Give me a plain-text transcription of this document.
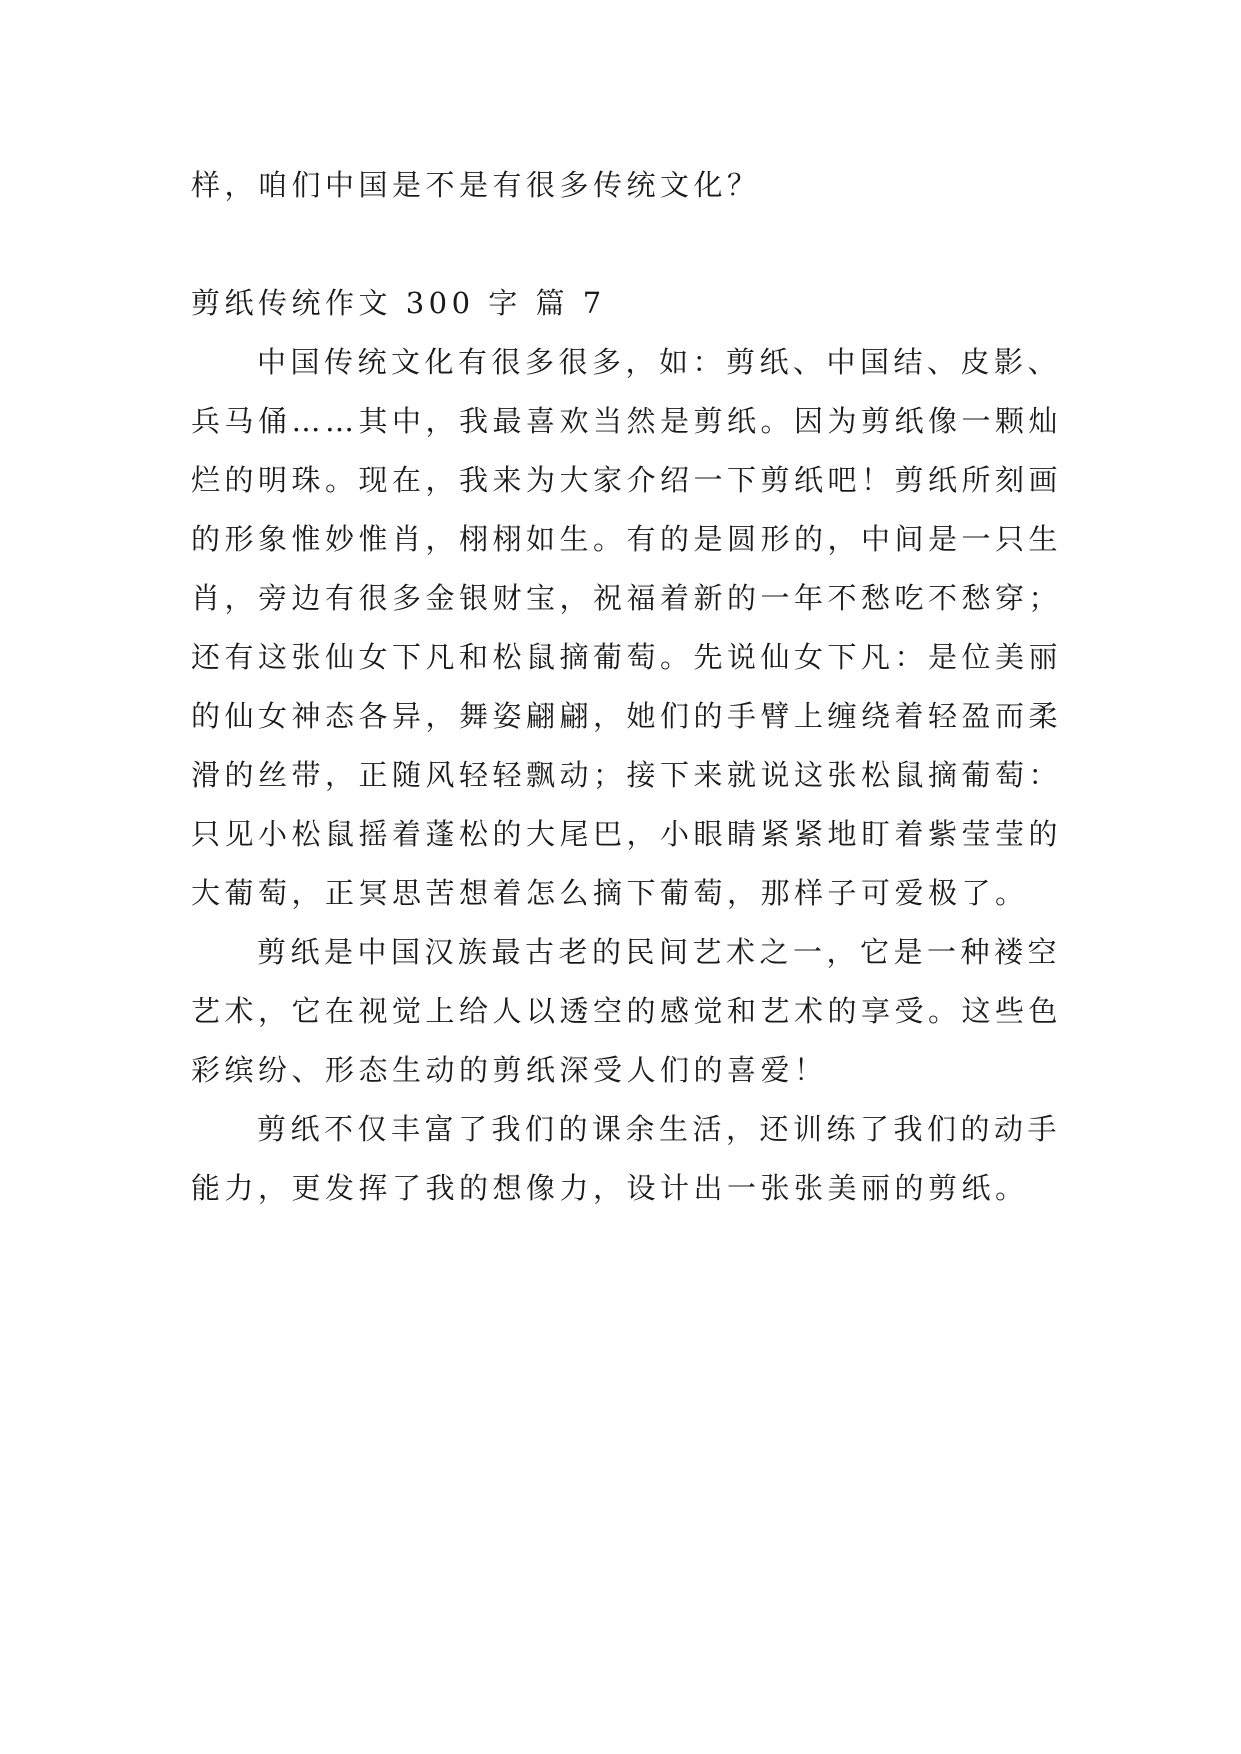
样，咱们中国是不是有很多传统文化？

剪纸传统作文 300 字 篇 7

中国传统文化有很多很多，如：剪纸、中国结、皮影、
兵马俑……其中，我最喜欢当然是剪纸。因为剪纸像一颗灿
烂的明珠。现在，我来为大家介绍一下剪纸吧！剪纸所刻画
的形象惟妙惟肖，栩栩如生。有的是圆形的，中间是一只生
肖，旁边有很多金银财宝，祝福着新的一年不愁吃不愁穿；
还有这张仙女下凡和松鼠摘葡萄。先说仙女下凡：是位美丽
的仙女神态各异，舞姿翩翩，她们的手臂上缠绕着轻盈而柔
滑的丝带，正随风轻轻飘动；接下来就说这张松鼠摘葡萄：
只见小松鼠摇着蓬松的大尾巴，小眼睛紧紧地盯着紫莹莹的
大葡萄，正冥思苦想着怎么摘下葡萄，那样子可爱极了。
剪纸是中国汉族最古老的民间艺术之一，它是一种褛空
艺术，它在视觉上给人以透空的感觉和艺术的享受。这些色
彩缤纷、形态生动的剪纸深受人们的喜爱！
剪纸不仅丰富了我们的课余生活，还训练了我们的动手
能力，更发挥了我的想像力，设计出一张张美丽的剪纸。
